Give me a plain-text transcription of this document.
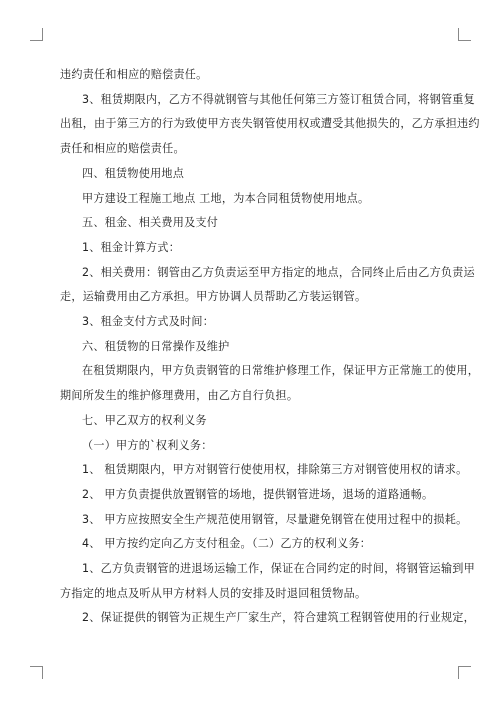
违约责任和相应的赔偿责任。
3、租赁期限内，乙方不得就钢管与其他任何第三方签订租赁合同，将钢管重复
出租，由于第三方的行为致使甲方丧失钢管使用权或遭受其他损失的，乙方承担违约
责任和相应的赔偿责任。
四、租赁物使用地点
甲方建设工程施工地点 工地，为本合同租赁物使用地点。
五、租金、相关费用及支付
1、租金计算方式：
2、相关费用：钢管由乙方负责运至甲方指定的地点，合同终止后由乙方负责运
走，运输费用由乙方承担。甲方协调人员帮助乙方装运钢管。
3、租金支付方式及时间：
六、租赁物的日常操作及维护
在租赁期限内，甲方负责钢管的日常维护修理工作，保证甲方正常施工的使用，
期间所发生的维护修理费用，由乙方自行负担。
七、甲乙双方的权利义务
（一）甲方的`权利义务：
1、 租赁期限内，甲方对钢管行使使用权，排除第三方对钢管使用权的请求。
2、 甲方负责提供放置钢管的场地，提供钢管进场，退场的道路通畅。
3、 甲方应按照安全生产规范使用钢管，尽量避免钢管在使用过程中的损耗。
4、 甲方按约定向乙方支付租金。（二）乙方的权利义务：
1、乙方负责钢管的进退场运输工作，保证在合同约定的时间，将钢管运输到甲
方指定的地点及听从甲方材料人员的安排及时退回租赁物品。
2、保证提供的钢管为正规生产厂家生产，符合建筑工程钢管使用的行业规定，
